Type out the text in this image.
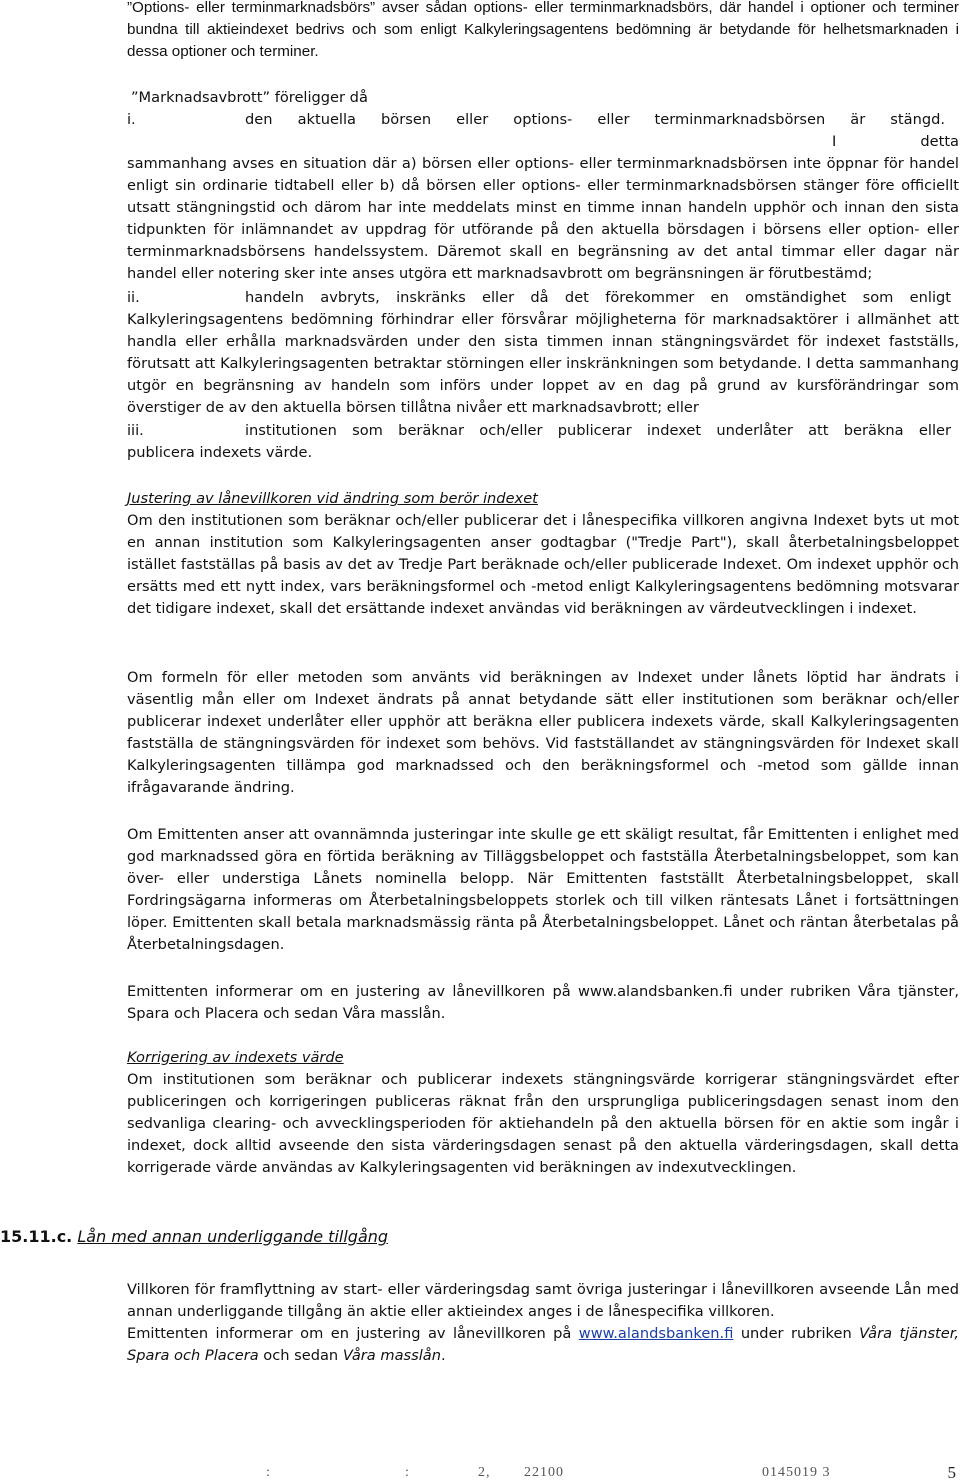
”Options- eller terminmarknadsbörs” avser sådan options- eller terminmarknadsbörs, där handel i optioner och terminer bundna till aktieindexet bedrivs och som enligt Kalkyleringsagentens bedömning är betydande för helhetsmarknaden i dessa optioner och terminer.

”Marknadsavbrott” föreligger då

i.	den aktuella börsen eller options- eller terminmarknadsbörsen är stängd.

I detta sammanhang avses en situation där a) börsen eller options- eller terminmarknadsbörsen inte öppnar för handel enligt sin ordinarie tidtabell eller b) då börsen eller options- eller terminmarknadsbörsen stänger före officiellt utsatt stängningstid och därom har inte meddelats minst en timme innan handeln upphör och innan den sista tidpunkten för inlämnandet av uppdrag för utförande på den aktuella börsdagen i börsens eller option- eller terminmarknadsbörsens handelssystem. Däremot skall en begränsning av det antal timmar eller dagar när handel eller notering sker inte anses utgöra ett marknadsavbrott om begränsningen är förutbestämd;

ii.	handeln avbryts, inskränks eller då det förekommer en omständighet som enligt

Kalkyleringsagentens bedömning förhindrar eller försvårar möjligheterna för marknadsaktörer i allmänhet att handla eller erhålla marknadsvärden under den sista timmen innan stängningsvärdet för indexet fastställs, förutsatt att Kalkyleringsagenten betraktar störningen eller inskränkningen som betydande. I detta sammanhang utgör en begränsning av handeln som införs under loppet av en dag på grund av kursförändringar som överstiger de av den aktuella börsen tillåtna nivåer ett marknadsavbrott; eller

iii.	institutionen som beräknar och/eller publicerar indexet underlåter att beräkna eller

publicera indexets värde.

Justering av lånevillkoren vid ändring som berör indexet

Om den institutionen som beräknar och/eller publicerar det i lånespecifika villkoren angivna Indexet byts ut mot en annan institution som Kalkyleringsagenten anser godtagbar ("Tredje Part"), skall återbetalningsbeloppet istället fastställas på basis av det av Tredje Part beräknade och/eller publicerade Indexet. Om indexet upphör och ersätts med ett nytt index, vars beräkningsformel och -metod enligt Kalkyleringsagentens bedömning motsvarar det tidigare indexet, skall det ersättande indexet användas vid beräkningen av värdeutvecklingen i indexet.

Om formeln för eller metoden som använts vid beräkningen av Indexet under lånets löptid har ändrats i väsentlig mån eller om Indexet ändrats på annat betydande sätt eller institutionen som beräknar och/eller publicerar indexet underlåter eller upphör att beräkna eller publicera indexets värde, skall Kalkyleringsagenten fastställa de stängningsvärden för indexet som behövs. Vid fastställandet av stängningsvärden för Indexet skall Kalkyleringsagenten tillämpa god marknadssed och den beräkningsformel och -metod som gällde innan ifrågavarande ändring.

Om Emittenten anser att ovannämnda justeringar inte skulle ge ett skäligt resultat, får Emittenten i enlighet med god marknadssed göra en förtida beräkning av Tilläggsbeloppet och fastställa Återbetalningsbeloppet, som kan över- eller understiga Lånets nominella belopp. När Emittenten fastställt Återbetalningsbeloppet, skall Fordringsägarna informeras om Återbetalningsbeloppets storlek och till vilken räntesats Lånet i fortsättningen löper. Emittenten skall betala marknadsmässig ränta på Återbetalningsbeloppet. Lånet och räntan återbetalas på Återbetalningsdagen.

Emittenten informerar om en justering av lånevillkoren på www.alandsbanken.fi under rubriken Våra tjänster, Spara och Placera och sedan Våra masslån.

Korrigering av indexets värde

Om institutionen som beräknar och publicerar indexets stängningsvärde korrigerar stängningsvärdet efter publiceringen och korrigeringen publiceras räknat från den ursprungliga publiceringsdagen senast inom den sedvanliga clearing- och avvecklingsperioden för aktiehandeln på den aktuella börsen för en aktie som ingår i indexet, dock alltid avseende den sista värderingsdagen senast på den aktuella värderingsdagen, skall detta korrigerade värde användas av Kalkyleringsagenten vid beräkningen av indexutvecklingen.

15.11.c. Lån med annan underliggande tillgång

Villkoren för framflyttning av start- eller värderingsdag samt övriga justeringar i lånevillkoren avseende Lån med annan underliggande tillgång än aktie eller aktieindex anges i de lånespecifika villkoren.

Emittenten informerar om en justering av lånevillkoren på www.alandsbanken.fi under rubriken Våra tjänster, Spara och Placera och sedan Våra masslån.

:	:	2, 22100	0145019 3	5
